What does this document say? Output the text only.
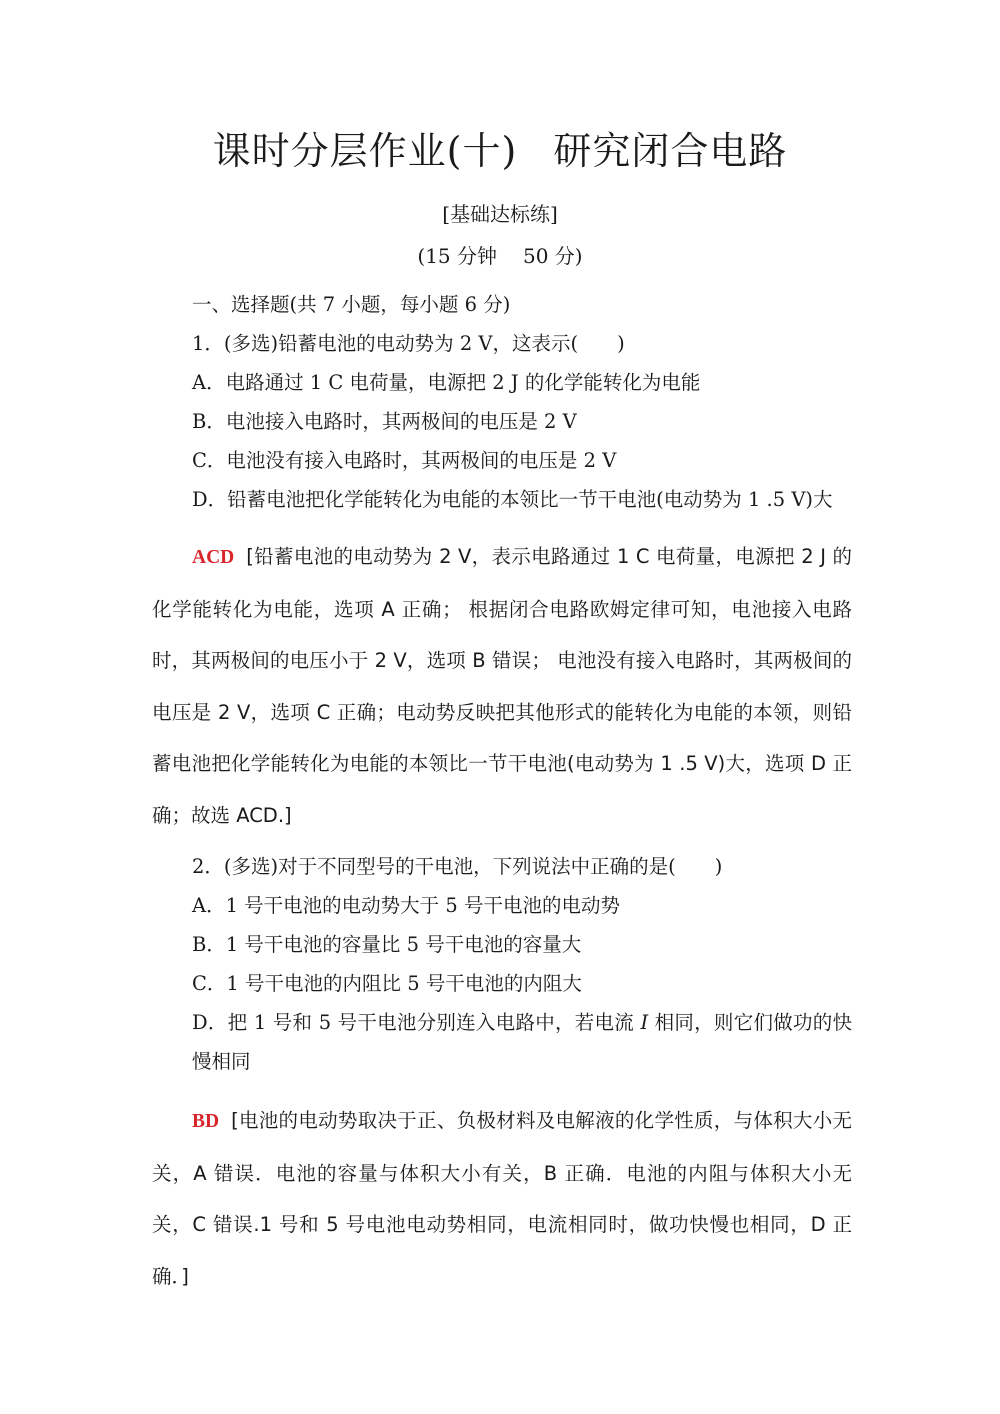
课时分层作业(十) 研究闭合电路
[基础达标练]
(15 分钟 50 分)
一、选择题(共 7 小题，每小题 6 分)
1．(多选)铅蓄电池的电动势为 2 V，这表示(　　)
A．电路通过 1 C 电荷量，电源把 2 J 的化学能转化为电能
B．电池接入电路时，其两极间的电压是 2 V
C．电池没有接入电路时，其两极间的电压是 2 V
D．铅蓄电池把化学能转化为电能的本领比一节干电池(电动势为 1 .5 V)大
ACD [铅蓄电池的电动势为 2 V，表示电路通过 1 C 电荷量，电源把 2 J 的化学能转化为电能，选项 A 正确； 根据闭合电路欧姆定律可知，电池接入电路时，其两极间的电压小于 2 V，选项 B 错误； 电池没有接入电路时，其两极间的电压是 2 V，选项 C 正确；电动势反映把其他形式的能转化为电能的本领，则铅蓄电池把化学能转化为电能的本领比一节干电池(电动势为 1 .5 V)大，选项 D 正确；故选 ACD.]
2．(多选)对于不同型号的干电池，下列说法中正确的是(　　)
A．1 号干电池的电动势大于 5 号干电池的电动势
B．1 号干电池的容量比 5 号干电池的容量大
C．1 号干电池的内阻比 5 号干电池的内阻大
D．把 1 号和 5 号干电池分别连入电路中，若电流 I 相同，则它们做功的快慢相同
BD [电池的电动势取决于正、负极材料及电解液的化学性质，与体积大小无关，A 错误．电池的容量与体积大小有关，B 正确．电池的内阻与体积大小无关，C 错误.1 号和 5 号电池电动势相同，电流相同时，做功快慢也相同，D 正确．]
